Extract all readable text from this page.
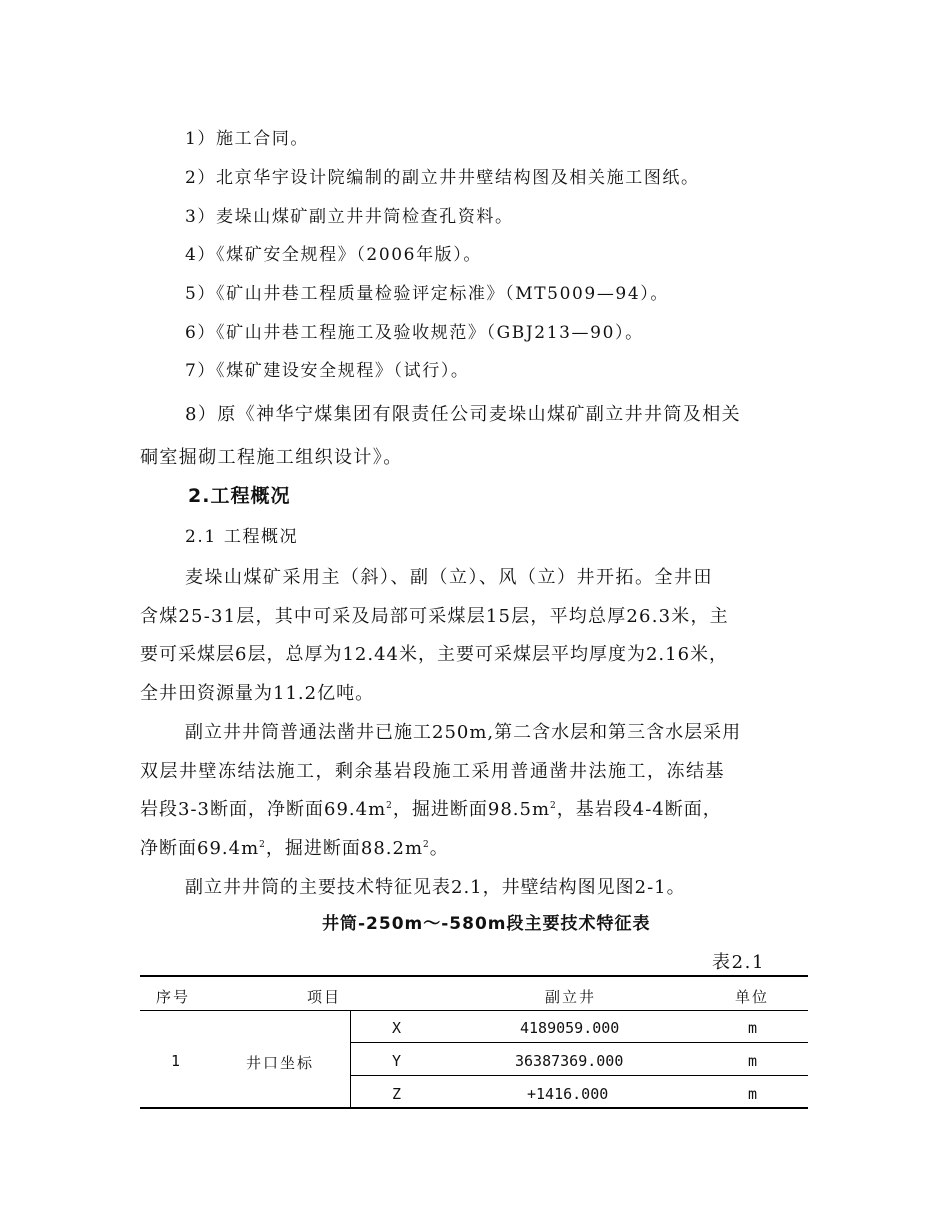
1）施工合同。
2）北京华宇设计院编制的副立井井壁结构图及相关施工图纸。
3）麦垛山煤矿副立井井筒检查孔资料。
4）《煤矿安全规程》（2006年版）。
5）《矿山井巷工程质量检验评定标准》（MT5009—94）。
6）《矿山井巷工程施工及验收规范》（GBJ213—90）。
7）《煤矿建设安全规程》（试行）。
8）原《神华宁煤集团有限责任公司麦垛山煤矿副立井井筒及相关
硐室掘砌工程施工组织设计》。
2.工程概况
2.1 工程概况
麦垛山煤矿采用主（斜）、副（立）、风（立）井开拓。全井田
含煤25-31层，其中可采及局部可采煤层15层，平均总厚26.3米，主
要可采煤层6层，总厚为12.44米，主要可采煤层平均厚度为2.16米，
全井田资源量为11.2亿吨。
副立井井筒普通法凿井已施工250m,第二含水层和第三含水层采用
双层井壁冻结法施工，剩余基岩段施工采用普通凿井法施工，冻结基
岩段3-3断面，净断面$69.4m^2$，掘进断面$98.5m^2$，基岩段4-4断面，
净断面$69.4m^2$，掘进断面$88.2m^2$。
副立井井筒的主要技术特征见表2.1，井壁结构图见图2-1。
井筒-250m～-580m段主要技术特征表
表2.1
序号	项目	副立井	单位
1	井口坐标
X	4189059.000	m
Y	36387369.000	m
Z	+1416.000	m
